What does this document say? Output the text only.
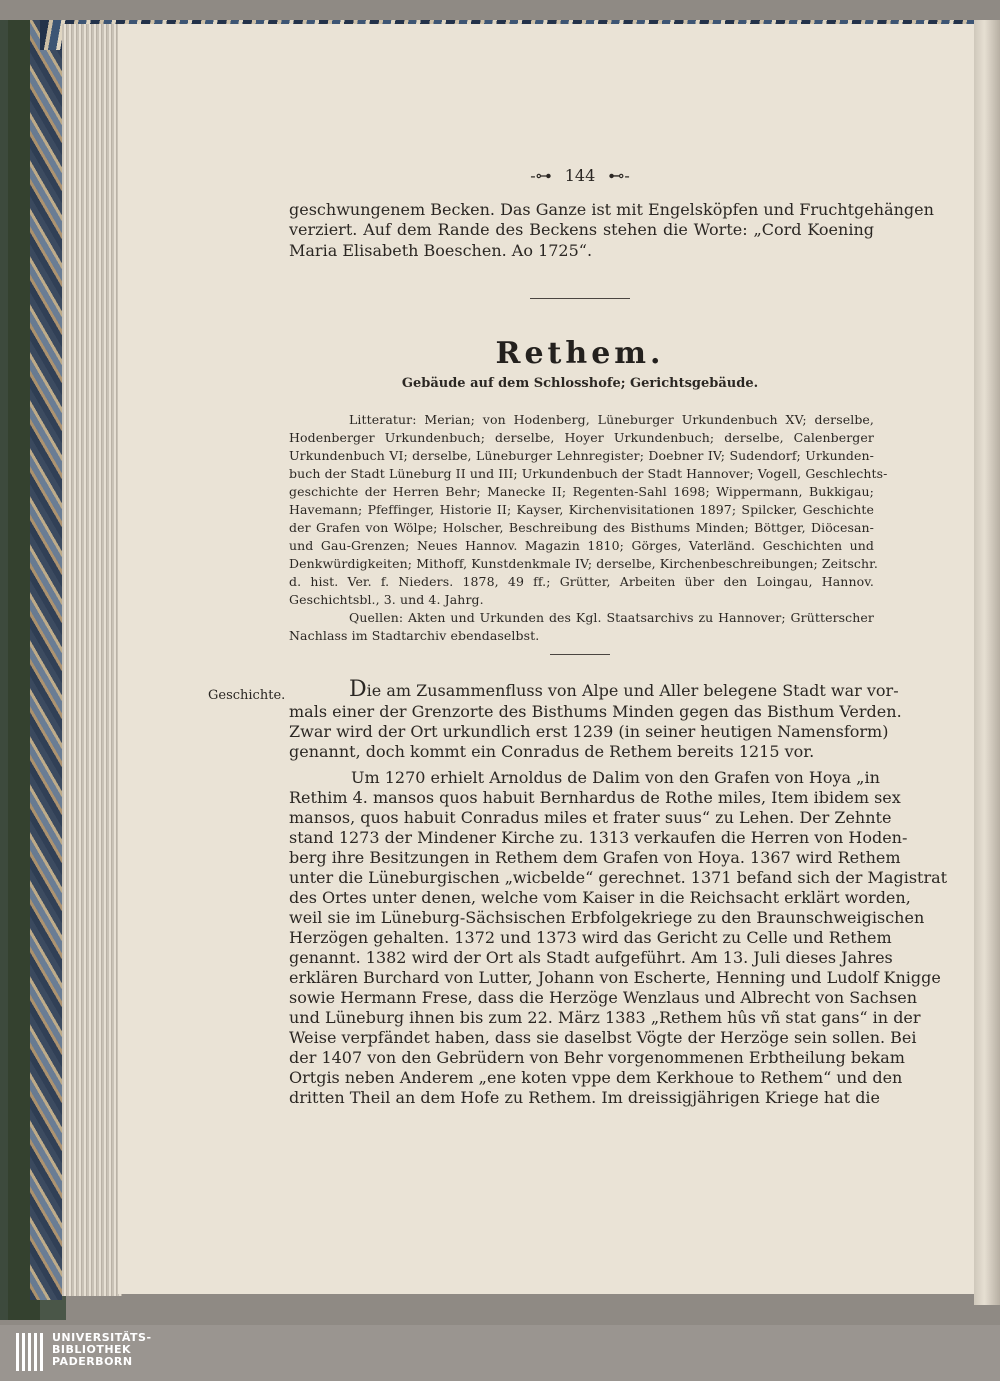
-⊶ 144 ⊷-
geschwungenem Becken. Das Ganze ist mit Engelsköpfen und Fruchtgehängen
verziert. Auf dem Rande des Beckens stehen die Worte: „Cord Koening
Maria Elisabeth Boeschen. Ao 1725“.
Rethem.
Gebäude auf dem Schlosshofe; Gerichtsgebäude.
Litteratur: Merian; von Hodenberg, Lüneburger Urkundenbuch XV; derselbe,
Hodenberger Urkundenbuch; derselbe, Hoyer Urkundenbuch; derselbe, Calenberger
Urkundenbuch VI; derselbe, Lüneburger Lehnregister; Doebner IV; Sudendorf; Urkunden-
buch der Stadt Lüneburg II und III; Urkundenbuch der Stadt Hannover; Vogell, Geschlechts-
geschichte der Herren Behr; Manecke II; Regenten-Sahl 1698; Wippermann, Bukkigau;
Havemann; Pfeffinger, Historie II; Kayser, Kirchenvisitationen 1897; Spilcker, Geschichte
der Grafen von Wölpe; Holscher, Beschreibung des Bisthums Minden; Böttger, Diöcesan-
und Gau-Grenzen; Neues Hannov. Magazin 1810; Görges, Vaterländ. Geschichten und
Denkwürdigkeiten; Mithoff, Kunstdenkmale IV; derselbe, Kirchenbeschreibungen; Zeitschr.
d. hist. Ver. f. Nieders. 1878, 49 ff.; Grütter, Arbeiten über den Loingau, Hannov.
Geschichtsbl., 3. und 4. Jahrg.
Quellen: Akten und Urkunden des Kgl. Staatsarchivs zu Hannover; Grütterscher
Nachlass im Stadtarchiv ebendaselbst.
Geschichte.	Die am Zusammenfluss von Alpe und Aller belegene Stadt war vor-
mals einer der Grenzorte des Bisthums Minden gegen das Bisthum Verden.
Zwar wird der Ort urkundlich erst 1239 (in seiner heutigen Namensform)
genannt, doch kommt ein Conradus de Rethem bereits 1215 vor.
Um 1270 erhielt Arnoldus de Dalim von den Grafen von Hoya „in
Rethim 4. mansos quos habuit Bernhardus de Rothe miles, Item ibidem sex
mansos, quos habuit Conradus miles et frater suus“ zu Lehen. Der Zehnte
stand 1273 der Mindener Kirche zu. 1313 verkaufen die Herren von Hoden-
berg ihre Besitzungen in Rethem dem Grafen von Hoya. 1367 wird Rethem
unter die Lüneburgischen „wicbelde“ gerechnet. 1371 befand sich der Magistrat
des Ortes unter denen, welche vom Kaiser in die Reichsacht erklärt worden,
weil sie im Lüneburg-Sächsischen Erbfolgekriege zu den Braunschweigischen
Herzögen gehalten. 1372 und 1373 wird das Gericht zu Celle und Rethem
genannt. 1382 wird der Ort als Stadt aufgeführt. Am 13. Juli dieses Jahres
erklären Burchard von Lutter, Johann von Escherte, Henning und Ludolf Knigge
sowie Hermann Frese, dass die Herzöge Wenzlaus und Albrecht von Sachsen
und Lüneburg ihnen bis zum 22. März 1383 „Rethem hûs vñ stat gans“ in der
Weise verpfändet haben, dass sie daselbst Vögte der Herzöge sein sollen. Bei
der 1407 von den Gebrüdern von Behr vorgenommenen Erbtheilung bekam
Ortgis neben Anderem „ene koten vppe dem Kerkhoue to Rethem“ und den
dritten Theil an dem Hofe zu Rethem. Im dreissigjährigen Kriege hat die
UNIVERSITÄTS-
BIBLIOTHEK
PADERBORN
